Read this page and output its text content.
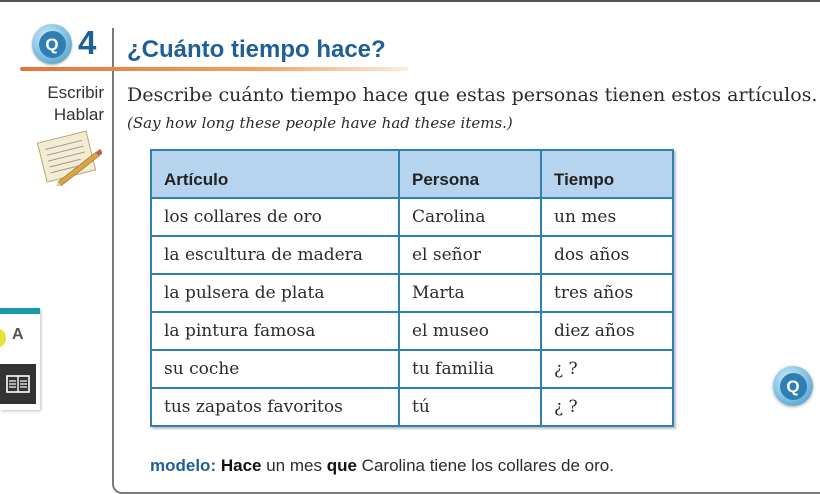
Q 4 ¿Cuánto tiempo hace?
Escribir
Hablar
Describe cuánto tiempo hace que estas personas tienen estos artículos.
(Say how long these people have had these items.)
Artículo	Persona	Tiempo
los collares de oro	Carolina	un mes
la escultura de madera	el señor	dos años
la pulsera de plata	Marta	tres años
la pintura famosa	el museo	diez años
su coche	tu familia	¿ ?
tus zapatos favoritos	tú	¿ ?
modelo: Hace un mes que Carolina tiene los collares de oro.
A
Q
